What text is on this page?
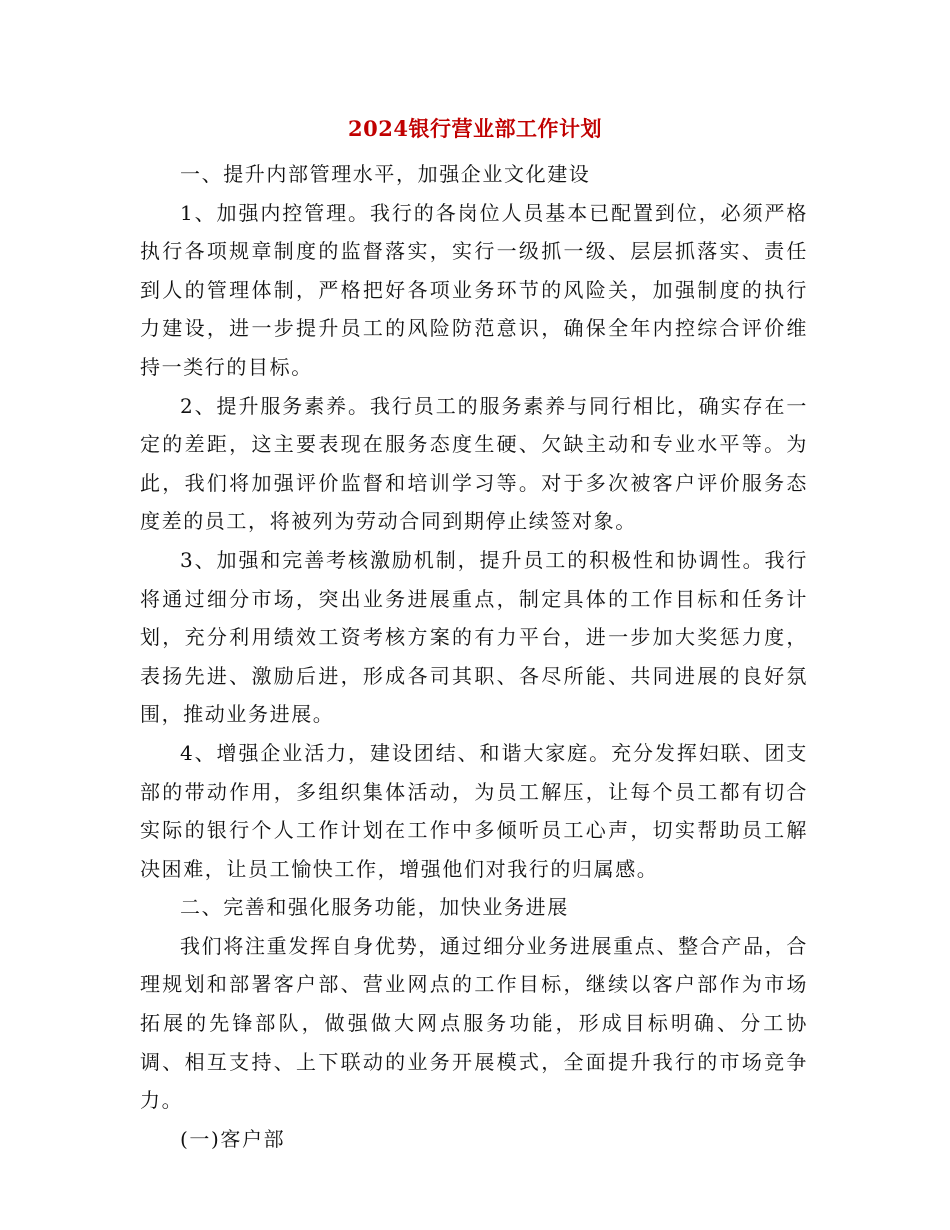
2024银行营业部工作计划

一、提升内部管理水平，加强企业文化建设

1、加强内控管理。我行的各岗位人员基本已配置到位，必须严格执行各项规章制度的监督落实，实行一级抓一级、层层抓落实、责任到人的管理体制，严格把好各项业务环节的风险关，加强制度的执行力建设，进一步提升员工的风险防范意识，确保全年内控综合评价维持一类行的目标。

2、提升服务素养。我行员工的服务素养与同行相比，确实存在一定的差距，这主要表现在服务态度生硬、欠缺主动和专业水平等。为此，我们将加强评价监督和培训学习等。对于多次被客户评价服务态度差的员工，将被列为劳动合同到期停止续签对象。

3、加强和完善考核激励机制，提升员工的积极性和协调性。我行将通过细分市场，突出业务进展重点，制定具体的工作目标和任务计划，充分利用绩效工资考核方案的有力平台，进一步加大奖惩力度，表扬先进、激励后进，形成各司其职、各尽所能、共同进展的良好氛围，推动业务进展。

4、增强企业活力，建设团结、和谐大家庭。充分发挥妇联、团支部的带动作用，多组织集体活动，为员工解压，让每个员工都有切合实际的银行个人工作计划在工作中多倾听员工心声，切实帮助员工解决困难，让员工愉快工作，增强他们对我行的归属感。

二、完善和强化服务功能，加快业务进展

我们将注重发挥自身优势，通过细分业务进展重点、整合产品，合理规划和部署客户部、营业网点的工作目标，继续以客户部作为市场拓展的先锋部队，做强做大网点服务功能，形成目标明确、分工协调、相互支持、上下联动的业务开展模式，全面提升我行的市场竞争力。

(一)客户部
